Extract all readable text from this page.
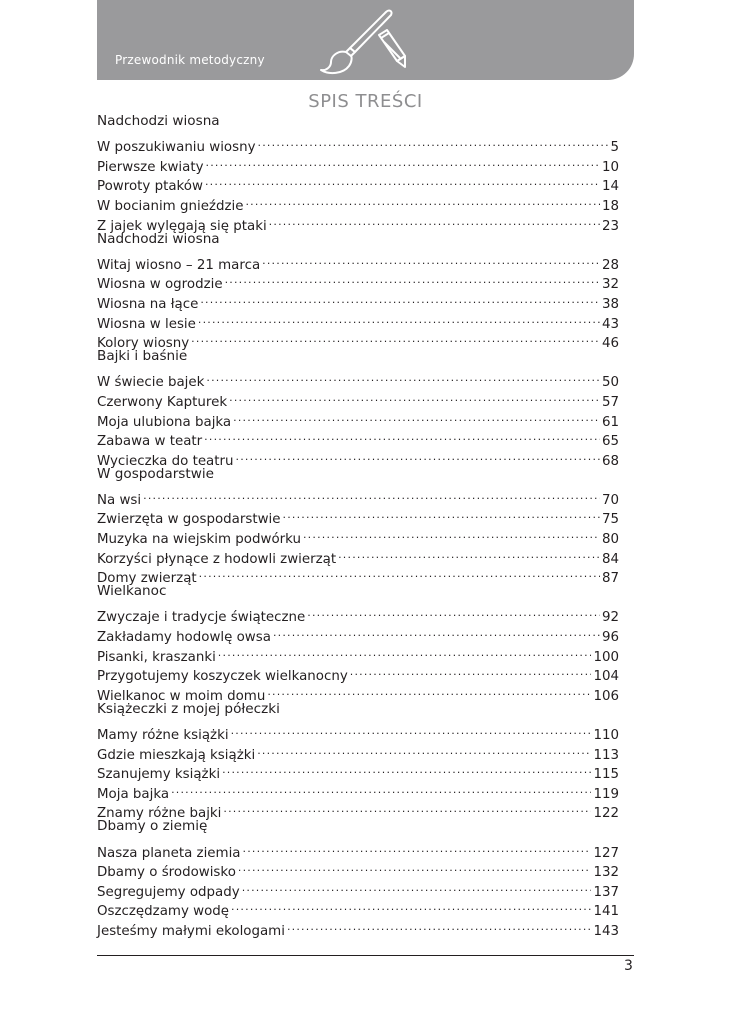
Przewodnik metodyczny
SPIS TREŚCI
Nadchodzi wiosna
W poszukiwaniu wiosny .....	5
Pierwsze kwiaty .....	10
Powroty ptaków .....	14
W bocianim gnieździe .....	18
Z jajek wylęgają się ptaki .....	23
Nadchodzi wiosna
Witaj wiosno – 21 marca .....	28
Wiosna w ogrodzie .....	32
Wiosna na łące .....	38
Wiosna w lesie .....	43
Kolory wiosny .....	46
Bajki i baśnie
W świecie bajek .....	50
Czerwony Kapturek .....	57
Moja ulubiona bajka .....	61
Zabawa w teatr .....	65
Wycieczka do teatru .....	68
W gospodarstwie
Na wsi .....	70
Zwierzęta w gospodarstwie .....	75
Muzyka na wiejskim podwórku .....	80
Korzyści płynące z hodowli zwierząt .....	84
Domy zwierząt .....	87
Wielkanoc
Zwyczaje i tradycje świąteczne .....	92
Zakładamy hodowlę owsa .....	96
Pisanki, kraszanki .....	100
Przygotujemy koszyczek wielkanocny .....	104
Wielkanoc w moim domu .....	106
Książeczki z mojej półeczki
Mamy różne książki .....	110
Gdzie mieszkają książki .....	113
Szanujemy książki .....	115
Moja bajka .....	119
Znamy różne bajki .....	122
Dbamy o ziemię
Nasza planeta ziemia .....	127
Dbamy o środowisko .....	132
Segregujemy odpady .....	137
Oszczędzamy wodę .....	141
Jesteśmy małymi ekologami .....	143
3
